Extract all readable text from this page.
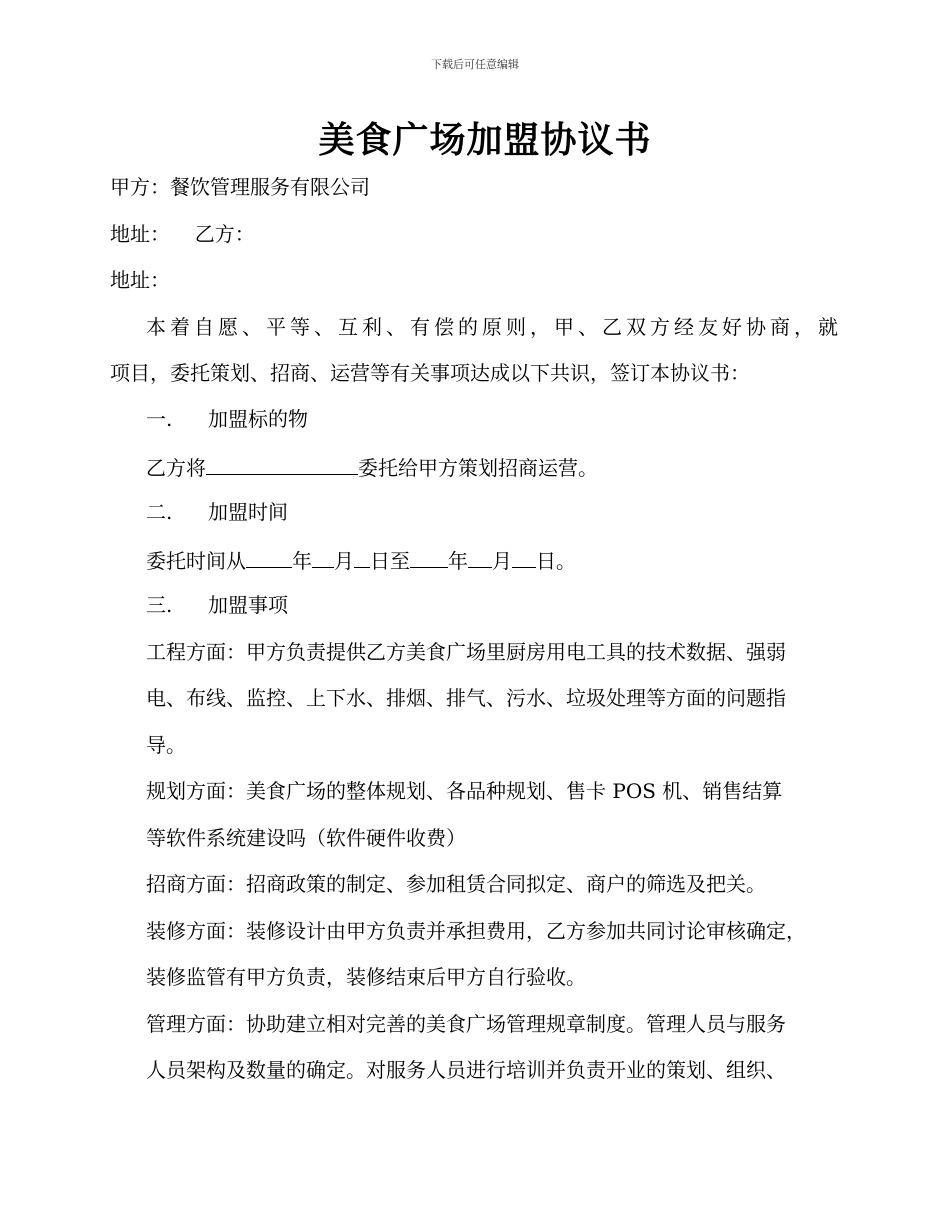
下载后可任意编辑
美食广场加盟协议书
甲方：餐饮管理服务有限公司
地址： 乙方：
地址：
本着自愿、平等、互利、有偿的原则，甲、乙双方经友好协商，就
项目，委托策划、招商、运营等有关事项达成以下共识，签订本协议书：
一. 加盟标的物
乙方将	委托给甲方策划招商运营。
二. 加盟时间
委托时间从 年 月 日至 年 月 日。
三. 加盟事项
工程方面：甲方负责提供乙方美食广场里厨房用电工具的技术数据、强弱
电、布线、监控、上下水、排烟、排气、污水、垃圾处理等方面的问题指
导。
规划方面：美食广场的整体规划、各品种规划、售卡 POS 机、销售结算
等软件系统建设吗（软件硬件收费）
招商方面：招商政策的制定、参加租赁合同拟定、商户的筛选及把关。
装修方面：装修设计由甲方负责并承担费用，乙方参加共同讨论审核确定，
装修监管有甲方负责，装修结束后甲方自行验收。
管理方面：协助建立相对完善的美食广场管理规章制度。管理人员与服务
人员架构及数量的确定。对服务人员进行培训并负责开业的策划、组织、
